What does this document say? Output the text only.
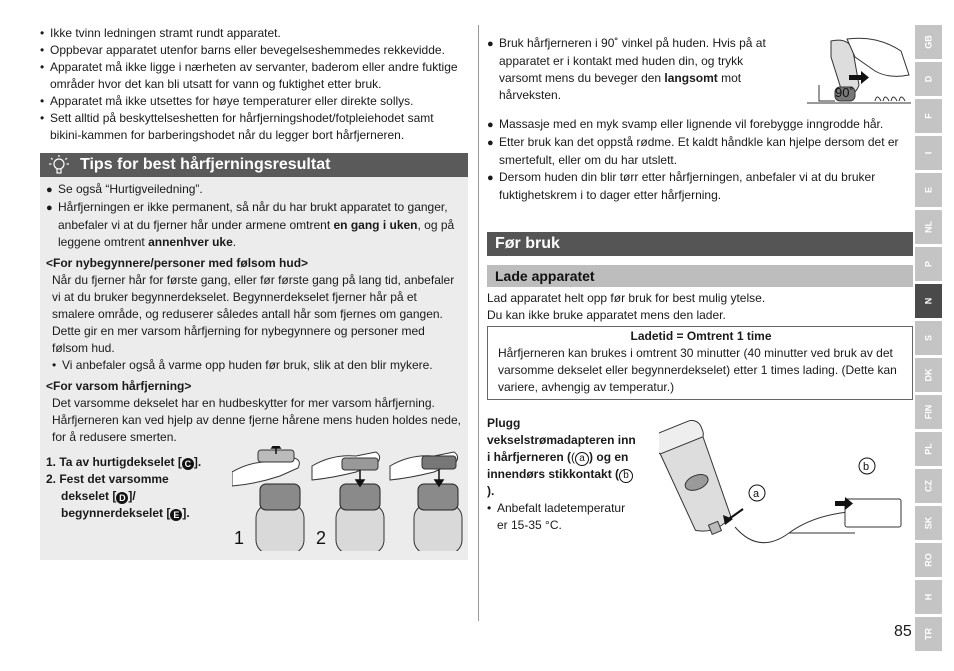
• Ikke tvinn ledningen stramt rundt apparatet.
• Oppbevar apparatet utenfor barns eller bevegelseshemmedes rekkevidde.
• Apparatet må ikke ligge i nærheten av servanter, baderom eller andre fuktige områder hvor det kan bli utsatt for vann og fuktighet etter bruk.
• Apparatet må ikke utsettes for høye temperaturer eller direkte sollys.
• Sett alltid på beskyttelseshetten for hårfjerningshodet/fotpleiehodet samt bikini-kammen for barberingshodet når du legger bort hårfjerneren.
Tips for best hårfjerningsresultat
● Se også “Hurtigveiledning”.
● Hårfjerningen er ikke permanent, så når du har brukt apparatet to ganger, anbefaler vi at du fjerner hår under armene omtrent en gang i uken, og på leggene omtrent annenhver uke.
<For nybegynnere/personer med følsom hud>
Når du fjerner hår for første gang, eller før første gang på lang tid, anbefaler vi at du bruker begynnerdekselet. Begynnerdekselet fjerner hår på et smalere område, og reduserer således antall hår som fjernes om gangen. Dette gir en mer varsom hårfjerning for nybegynnere og personer med følsom hud.
• Vi anbefaler også å varme opp huden før bruk, slik at den blir mykere.
<For varsom hårfjerning>
Det varsomme dekselet har en hudbeskytter for mer varsom hårfjerning. Hårfjerneren kan ved hjelp av denne fjerne hårene mens huden holdes nede, for å redusere smerten.
1. Ta av hurtigdekselet [ C ].
2. Fest det varsomme dekselet [ D ]/ begynnerdekselet [ E ].
1	2
● Bruk hårfjerneren i 90˚ vinkel på huden. Hvis på at apparatet er i kontakt med huden din, og trykk varsomt mens du beveger den langsomt mot hårveksten.	90˚
● Massasje med en myk svamp eller lignende vil forebygge inngrodde hår.
● Etter bruk kan det oppstå rødme. Et kaldt håndkle kan hjelpe dersom det er smertefult, eller om du har utslett.
● Dersom huden din blir tørr etter hårfjerningen, anbefaler vi at du bruker fuktighetskrem i to dager etter hårfjerning.
Før bruk
Lade apparatet
Lad apparatet helt opp før bruk for best mulig ytelse.
Du kan ikke bruke apparatet mens den lader.
Ladetid = Omtrent 1 time
Hårfjerneren kan brukes i omtrent 30 minutter (40 minutter ved bruk av det varsomme dekselet eller begynnerdekselet) etter 1 times lading. (Dette kan variere, avhengig av temperatur.)
Plugg vekselstrømadapteren inn i hårfjerneren (( a ) og en innendørs stikkontakt ( b).
• Anbefalt ladetemperatur er 15-35 °C.
a
b
GB
D
F
I
E
NL
P
N
S
DK
FIN
PL
CZ
SK
RO
H
TR
85
